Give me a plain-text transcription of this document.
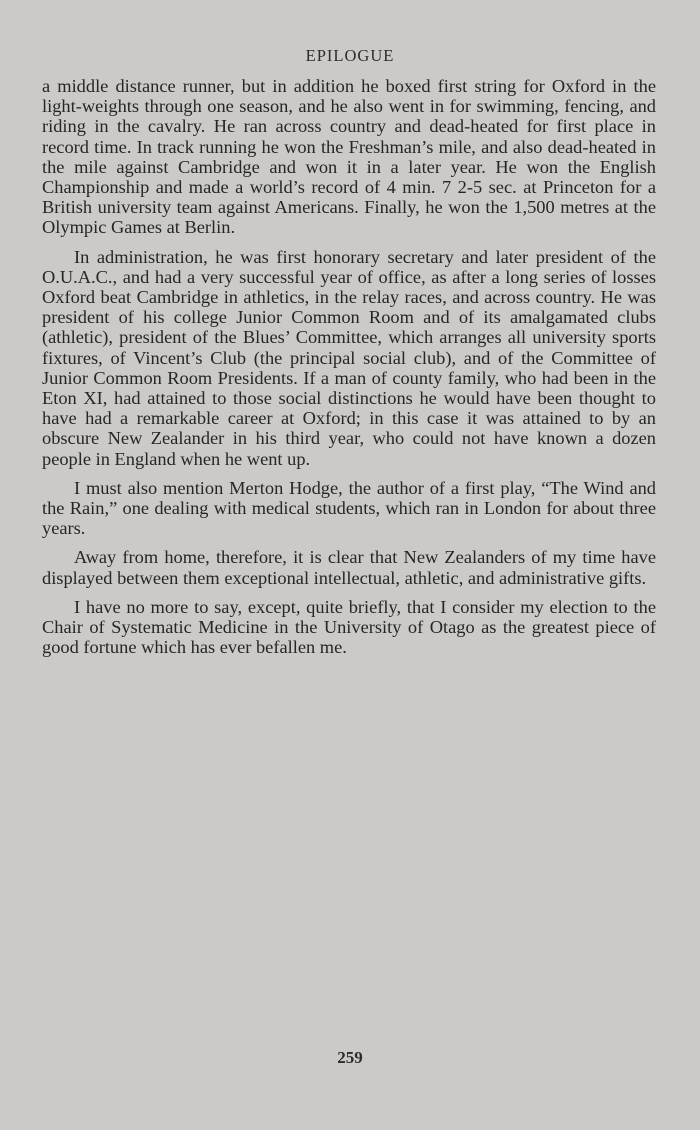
EPILOGUE

a middle distance runner, but in addition he boxed first string for Oxford in the light-weights through one season, and he also went in for swimming, fencing, and riding in the cavalry. He ran across country and dead-heated for first place in record time. In track running he won the Freshman’s mile, and also dead-heated in the mile against Cambridge and won it in a later year. He won the English Championship and made a world’s record of 4 min. 7 2-5 sec. at Princeton for a British university team against Americans. Finally, he won the 1,500 metres at the Olympic Games at Berlin.

In administration, he was first honorary secretary and later president of the O.U.A.C., and had a very successful year of office, as after a long series of losses Oxford beat Cambridge in athletics, in the relay races, and across country. He was president of his college Junior Common Room and of its amalgamated clubs (athletic), president of the Blues’ Committee, which arranges all university sports fixtures, of Vincent’s Club (the principal social club), and of the Committee of Junior Common Room Presidents. If a man of county family, who had been in the Eton XI, had attained to those social distinctions he would have been thought to have had a remarkable career at Oxford; in this case it was attained to by an obscure New Zealander in his third year, who could not have known a dozen people in England when he went up.

I must also mention Merton Hodge, the author of a first play, “The Wind and the Rain,” one dealing with medical students, which ran in London for about three years.

Away from home, therefore, it is clear that New Zealanders of my time have displayed between them exceptional intellectual, athletic, and administrative gifts.

I have no more to say, except, quite briefly, that I consider my election to the Chair of Systematic Medicine in the University of Otago as the greatest piece of good fortune which has ever befallen me.

259
